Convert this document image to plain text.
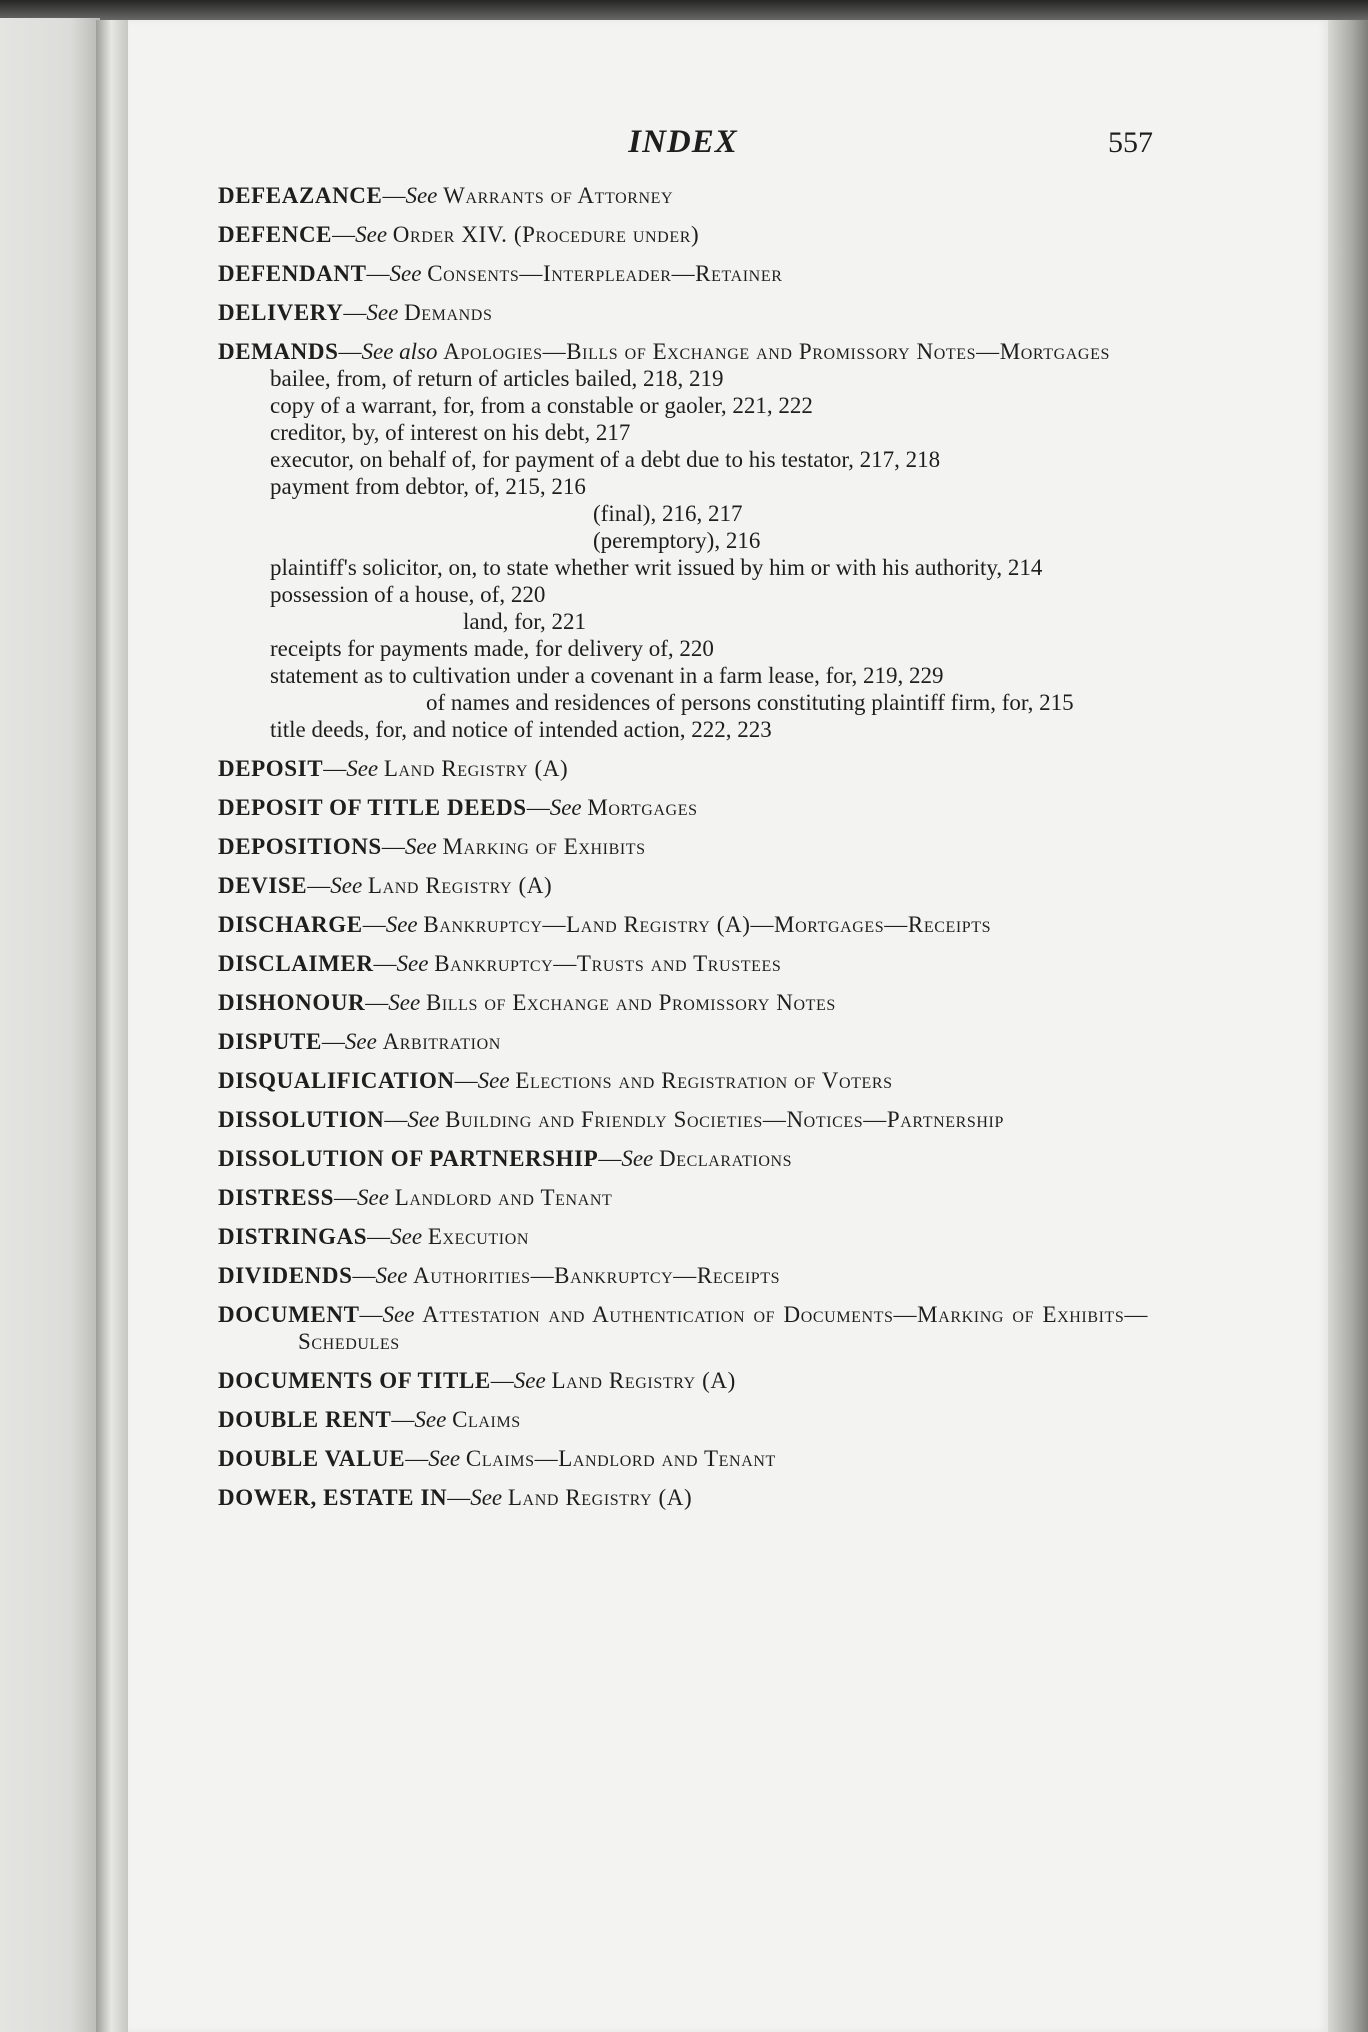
INDEX	557
DEFEAZANCE—See Warrants of Attorney
DEFENCE—See Order XIV. (Procedure under)
DEFENDANT—See Consents—Interpleader—Retainer
DELIVERY—See Demands
DEMANDS—See also Apologies—Bills of Exchange and Promissory Notes—Mortgages
bailee, from, of return of articles bailed, 218, 219
copy of a warrant, for, from a constable or gaoler, 221, 222
creditor, by, of interest on his debt, 217
executor, on behalf of, for payment of a debt due to his testator, 217, 218
payment from debtor, of, 215, 216
(final), 216, 217
(peremptory), 216
plaintiff's solicitor, on, to state whether writ issued by him or with his authority, 214
possession of a house, of, 220
land, for, 221
receipts for payments made, for delivery of, 220
statement as to cultivation under a covenant in a farm lease, for, 219, 229
of names and residences of persons constituting plaintiff firm, for, 215
title deeds, for, and notice of intended action, 222, 223
DEPOSIT—See Land Registry (A)
DEPOSIT OF TITLE DEEDS—See Mortgages
DEPOSITIONS—See Marking of Exhibits
DEVISE—See Land Registry (A)
DISCHARGE—See Bankruptcy—Land Registry (A)—Mortgages—Receipts
DISCLAIMER—See Bankruptcy—Trusts and Trustees
DISHONOUR—See Bills of Exchange and Promissory Notes
DISPUTE—See Arbitration
DISQUALIFICATION—See Elections and Registration of Voters
DISSOLUTION—See Building and Friendly Societies—Notices—Partnership
DISSOLUTION OF PARTNERSHIP—See Declarations
DISTRESS—See Landlord and Tenant
DISTRINGAS—See Execution
DIVIDENDS—See Authorities—Bankruptcy—Receipts
DOCUMENT—See Attestation and Authentication of Documents—Marking of Exhibits—Schedules
DOCUMENTS OF TITLE—See Land Registry (A)
DOUBLE RENT—See Claims
DOUBLE VALUE—See Claims—Landlord and Tenant
DOWER, ESTATE IN—See Land Registry (A)
